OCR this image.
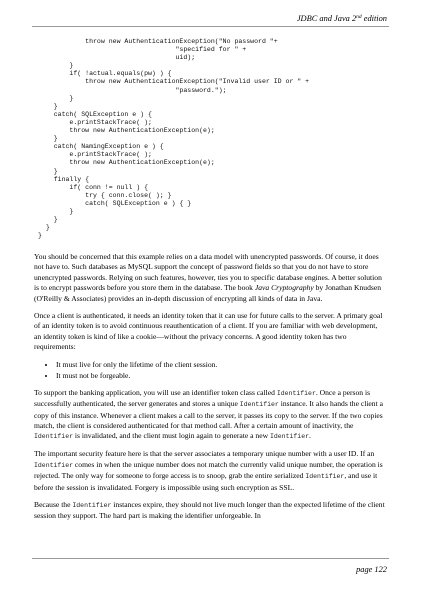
JDBC and Java 2nd edition
throw new AuthenticationException("No password "+
"specified for " +
uid);
}
if( !actual.equals(pw) ) {
throw new AuthenticationException("Invalid user ID or " +
"password.");
}
}
catch( SQLException e ) {
e.printStackTrace( );
throw new AuthenticationException(e);
}
catch( NamingException e ) {
e.printStackTrace( );
throw new AuthenticationException(e);
}
finally {
if( conn != null ) {
try { conn.close( ); }
catch( SQLException e ) { }
}
}
}
}

You should be concerned that this example relies on a data model with unencrypted passwords. Of course, it does not have to. Such databases as MySQL support the concept of password fields so that you do not have to store unencrypted passwords. Relying on such features, however, ties you to specific database engines. A better solution is to encrypt passwords before you store them in the database. The book Java Cryptography by Jonathan Knudsen (O'Reilly & Associates) provides an in-depth discussion of encrypting all kinds of data in Java.

Once a client is authenticated, it needs an identity token that it can use for future calls to the server. A primary goal of an identity token is to avoid continuous reauthentication of a client. If you are familiar with web development, an identity token is kind of like a cookie—without the privacy concerns. A good identity token has two requirements:

• It must live for only the lifetime of the client session.
• It must not be forgeable.

To support the banking application, you will use an identifier token class called Identifier. Once a person is successfully authenticated, the server generates and stores a unique Identifier instance. It also hands the client a copy of this instance. Whenever a client makes a call to the server, it passes its copy to the server. If the two copies match, the client is considered authenticated for that method call. After a certain amount of inactivity, the Identifier is invalidated, and the client must login again to generate a new Identifier.

The important security feature here is that the server associates a temporary unique number with a user ID. If an Identifier comes in when the unique number does not match the currently valid unique number, the operation is rejected. The only way for someone to forge access is to snoop, grab the entire serialized Identifier, and use it before the session is invalidated. Forgery is impossible using such encryption as SSL.

Because the Identifier instances expire, they should not live much longer than the expected lifetime of the client session they support. The hard part is making the identifier unforgeable. In

page 122
